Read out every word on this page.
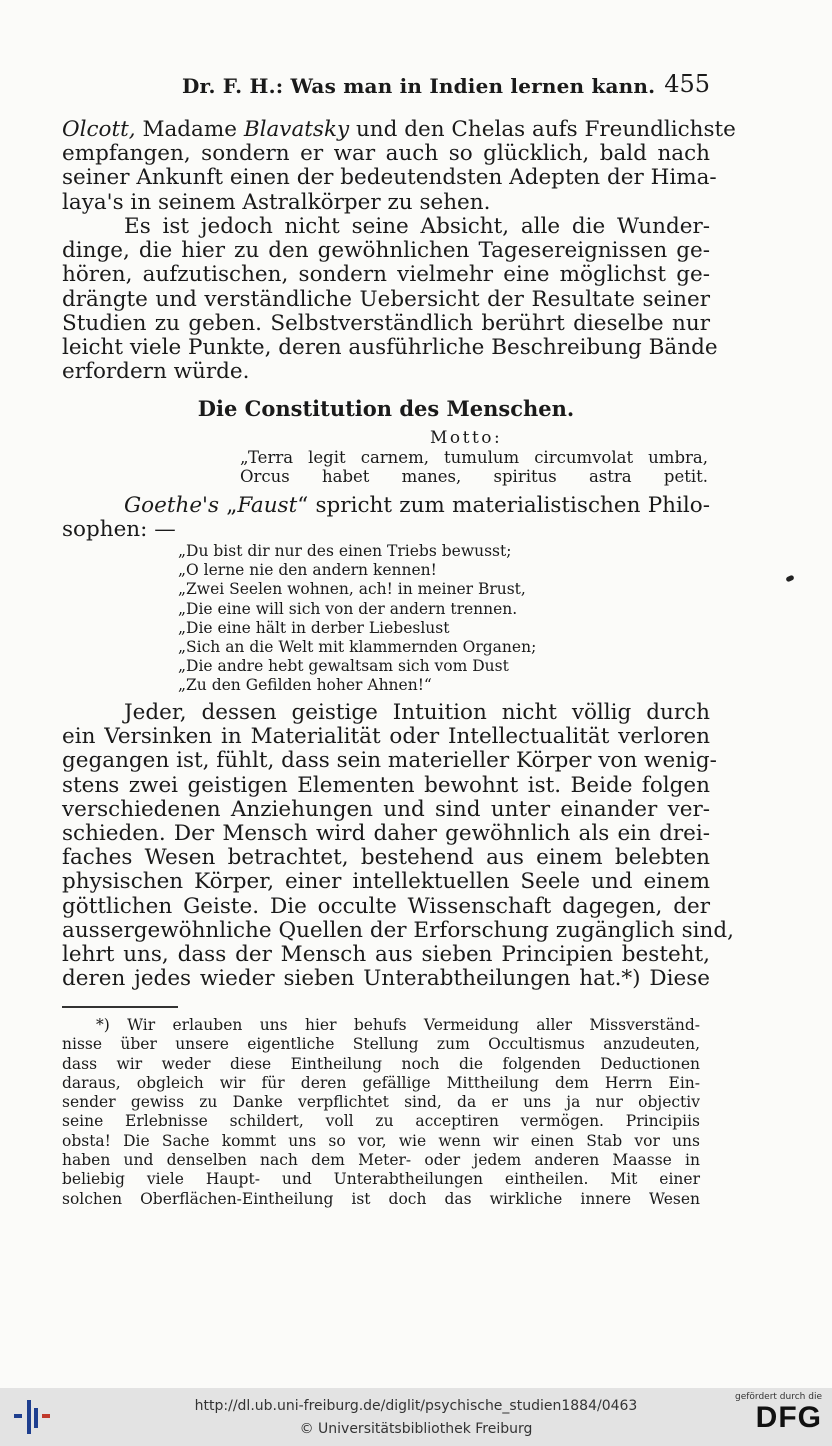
Dr. F. H.: Was man in Indien lernen kann. 455
Olcott, Madame Blavatsky und den Chelas aufs Freundlichste
empfangen, sondern er war auch so glücklich, bald nach
seiner Ankunft einen der bedeutendsten Adepten der Hima-
laya's in seinem Astralkörper zu sehen.
Es ist jedoch nicht seine Absicht, alle die Wunder-
dinge, die hier zu den gewöhnlichen Tagesereignissen ge-
hören, aufzutischen, sondern vielmehr eine möglichst ge-
drängte und verständliche Uebersicht der Resultate seiner
Studien zu geben. Selbstverständlich berührt dieselbe nur
leicht viele Punkte, deren ausführliche Beschreibung Bände
erfordern würde.
Die Constitution des Menschen.
Motto:
„Terra legit carnem, tumulum circumvolat umbra,
Orcus habet manes, spiritus astra petit.
Goethe's „Faust“ spricht zum materialistischen Philo-
sophen: —
„Du bist dir nur des einen Triebs bewusst;
„O lerne nie den andern kennen!
„Zwei Seelen wohnen, ach! in meiner Brust,
„Die eine will sich von der andern trennen.
„Die eine hält in derber Liebeslust
„Sich an die Welt mit klammernden Organen;
„Die andre hebt gewaltsam sich vom Dust
„Zu den Gefilden hoher Ahnen!“
Jeder, dessen geistige Intuition nicht völlig durch
ein Versinken in Materialität oder Intellectualität verloren
gegangen ist, fühlt, dass sein materieller Körper von wenig-
stens zwei geistigen Elementen bewohnt ist. Beide folgen
verschiedenen Anziehungen und sind unter einander ver-
schieden. Der Mensch wird daher gewöhnlich als ein drei-
faches Wesen betrachtet, bestehend aus einem belebten
physischen Körper, einer intellektuellen Seele und einem
göttlichen Geiste. Die occulte Wissenschaft dagegen, der
aussergewöhnliche Quellen der Erforschung zugänglich sind,
lehrt uns, dass der Mensch aus sieben Principien besteht,
deren jedes wieder sieben Unterabtheilungen hat.*) Diese
*) Wir erlauben uns hier behufs Vermeidung aller Missverständ-
nisse über unsere eigentliche Stellung zum Occultismus anzudeuten,
dass wir weder diese Eintheilung noch die folgenden Deductionen
daraus, obgleich wir für deren gefällige Mittheilung dem Herrn Ein-
sender gewiss zu Danke verpflichtet sind, da er uns ja nur objectiv
seine Erlebnisse schildert, voll zu acceptiren vermögen. Principiis
obsta! Die Sache kommt uns so vor, wie wenn wir einen Stab vor uns
haben und denselben nach dem Meter- oder jedem anderen Maasse in
beliebig viele Haupt- und Unterabtheilungen eintheilen. Mit einer
solchen Oberflächen-Eintheilung ist doch das wirkliche innere Wesen
http://dl.ub.uni-freiburg.de/diglit/psychische_studien1884/0463
© Universitätsbibliothek Freiburg
gefördert durch die
DFG
